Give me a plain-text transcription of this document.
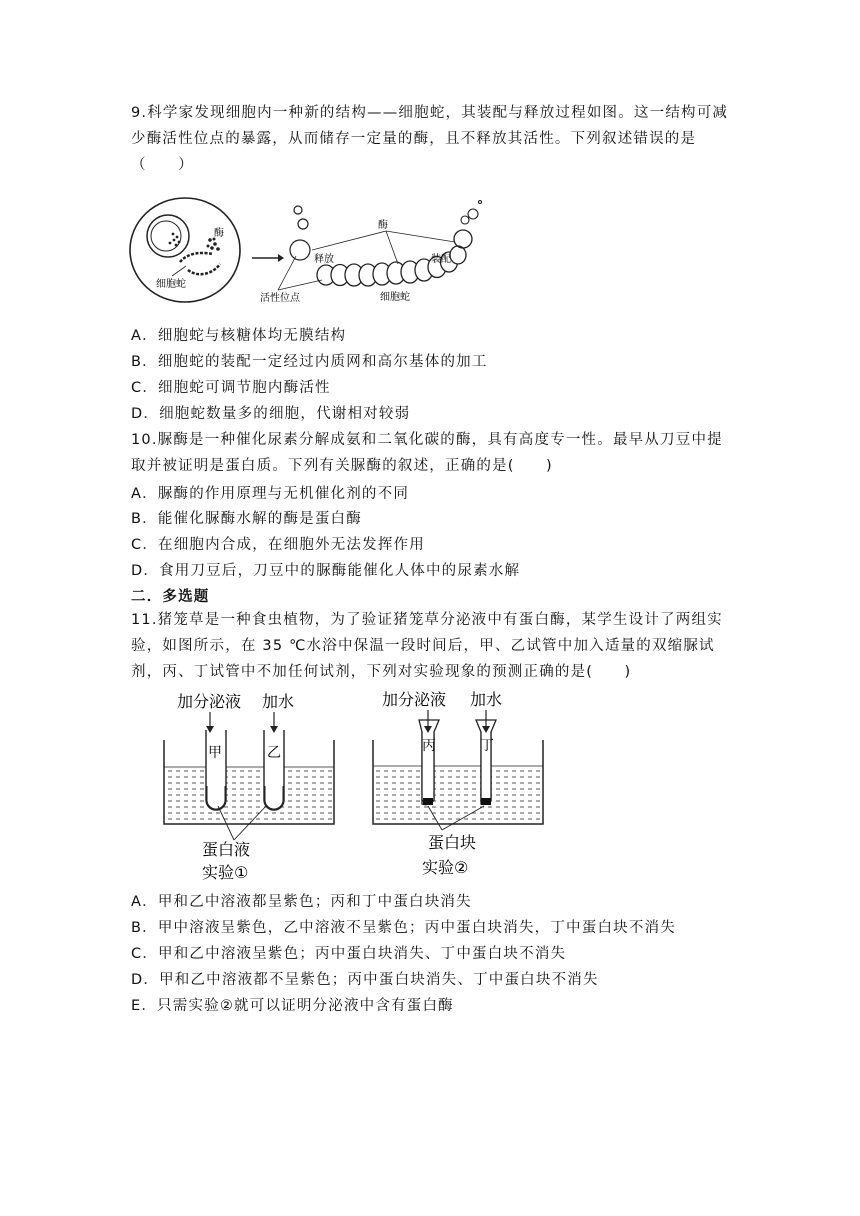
9.科学家发现细胞内一种新的结构——细胞蛇，其装配与释放过程如图。这一结构可减少酶活性位点的暴露，从而储存一定量的酶，且不释放其活性。下列叙述错误的是（　　）
酶
细胞蛇
释放
酶
装配
活性位点	细胞蛇
A．细胞蛇与核糖体均无膜结构
B．细胞蛇的装配一定经过内质网和高尔基体的加工
C．细胞蛇可调节胞内酶活性
D．细胞蛇数量多的细胞，代谢相对较弱
10.脲酶是一种催化尿素分解成氨和二氧化碳的酶，具有高度专一性。最早从刀豆中提取并被证明是蛋白质。下列有关脲酶的叙述，正确的是(　　)
A．脲酶的作用原理与无机催化剂的不同
B．能催化脲酶水解的酶是蛋白酶
C．在细胞内合成，在细胞外无法发挥作用
D．食用刀豆后，刀豆中的脲酶能催化人体中的尿素水解
二．多选题
11.猪笼草是一种食虫植物，为了验证猪笼草分泌液中有蛋白酶，某学生设计了两组实验，如图所示，在 35 ℃水浴中保温一段时间后，甲、乙试管中加入适量的双缩脲试剂，丙、丁试管中不加任何试剂，下列对实验现象的预测正确的是(　　)
加分泌液 加水
甲	乙
蛋白液
实验①
加分泌液 加水
丙	丁
蛋白块
实验②
A．甲和乙中溶液都呈紫色；丙和丁中蛋白块消失
B．甲中溶液呈紫色，乙中溶液不呈紫色；丙中蛋白块消失，丁中蛋白块不消失
C．甲和乙中溶液呈紫色；丙中蛋白块消失、丁中蛋白块不消失
D．甲和乙中溶液都不呈紫色；丙中蛋白块消失、丁中蛋白块不消失
E．只需实验②就可以证明分泌液中含有蛋白酶
